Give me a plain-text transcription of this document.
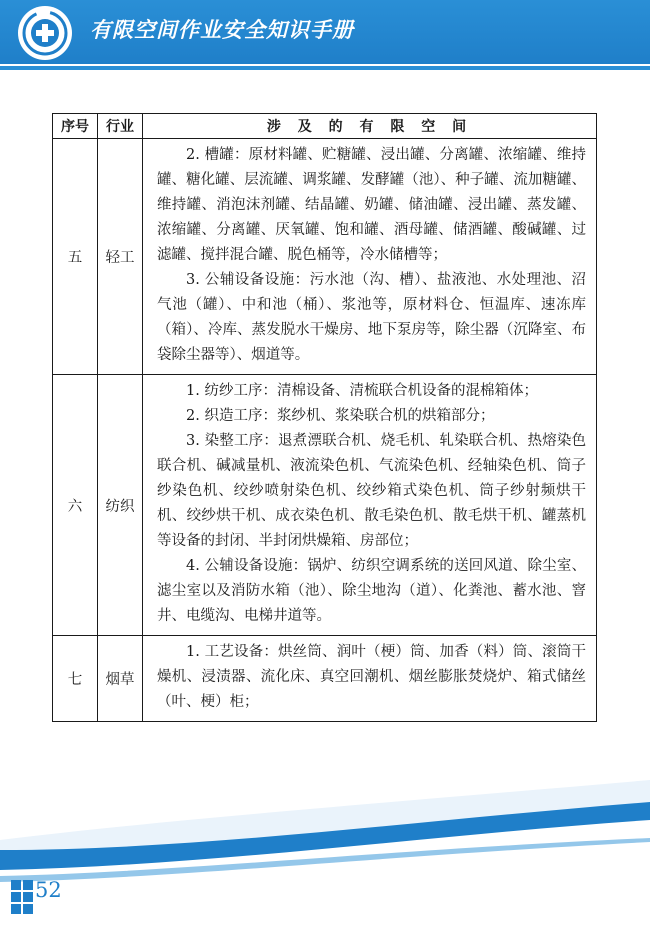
有限空间作业安全知识手册
序号	行业	涉 及 的 有 限 空 间
五	轻工	2. 槽罐：原材料罐、贮糖罐、浸出罐、分离罐、浓缩罐、维持罐、糖化罐、层流罐、调浆罐、发酵罐（池）、种子罐、流加糖罐、维持罐、消泡沫剂罐、结晶罐、奶罐、储油罐、浸出罐、蒸发罐、浓缩罐、分离罐、厌氧罐、饱和罐、酒母罐、储酒罐、酸碱罐、过滤罐、搅拌混合罐、脱色桶等，冷水储槽等；

3. 公辅设备设施：污水池（沟、槽）、盐液池、水处理池、沼气池（罐）、中和池（桶）、浆池等，原材料仓、恒温库、速冻库（箱）、冷库、蒸发脱水干燥房、地下泵房等，除尘器（沉降室、布袋除尘器等）、烟道等。

六	纺织	1. 纺纱工序：清棉设备、清梳联合机设备的混棉箱体；

2. 织造工序：浆纱机、浆染联合机的烘箱部分；

3. 染整工序：退煮漂联合机、烧毛机、轧染联合机、热熔染色联合机、碱减量机、液流染色机、气流染色机、经轴染色机、筒子纱染色机、绞纱喷射染色机、绞纱箱式染色机、筒子纱射频烘干机、绞纱烘干机、成衣染色机、散毛染色机、散毛烘干机、罐蒸机等设备的封闭、半封闭烘燥箱、房部位；

4. 公辅设备设施：锅炉、纺织空调系统的送回风道、除尘室、滤尘室以及消防水箱（池）、除尘地沟（道）、化粪池、蓄水池、窨井、电缆沟、电梯井道等。

七	烟草	1. 工艺设备：烘丝筒、润叶（梗）筒、加香（料）筒、滚筒干燥机、浸渍器、流化床、真空回潮机、烟丝膨胀焚烧炉、箱式储丝（叶、梗）柜；

52
